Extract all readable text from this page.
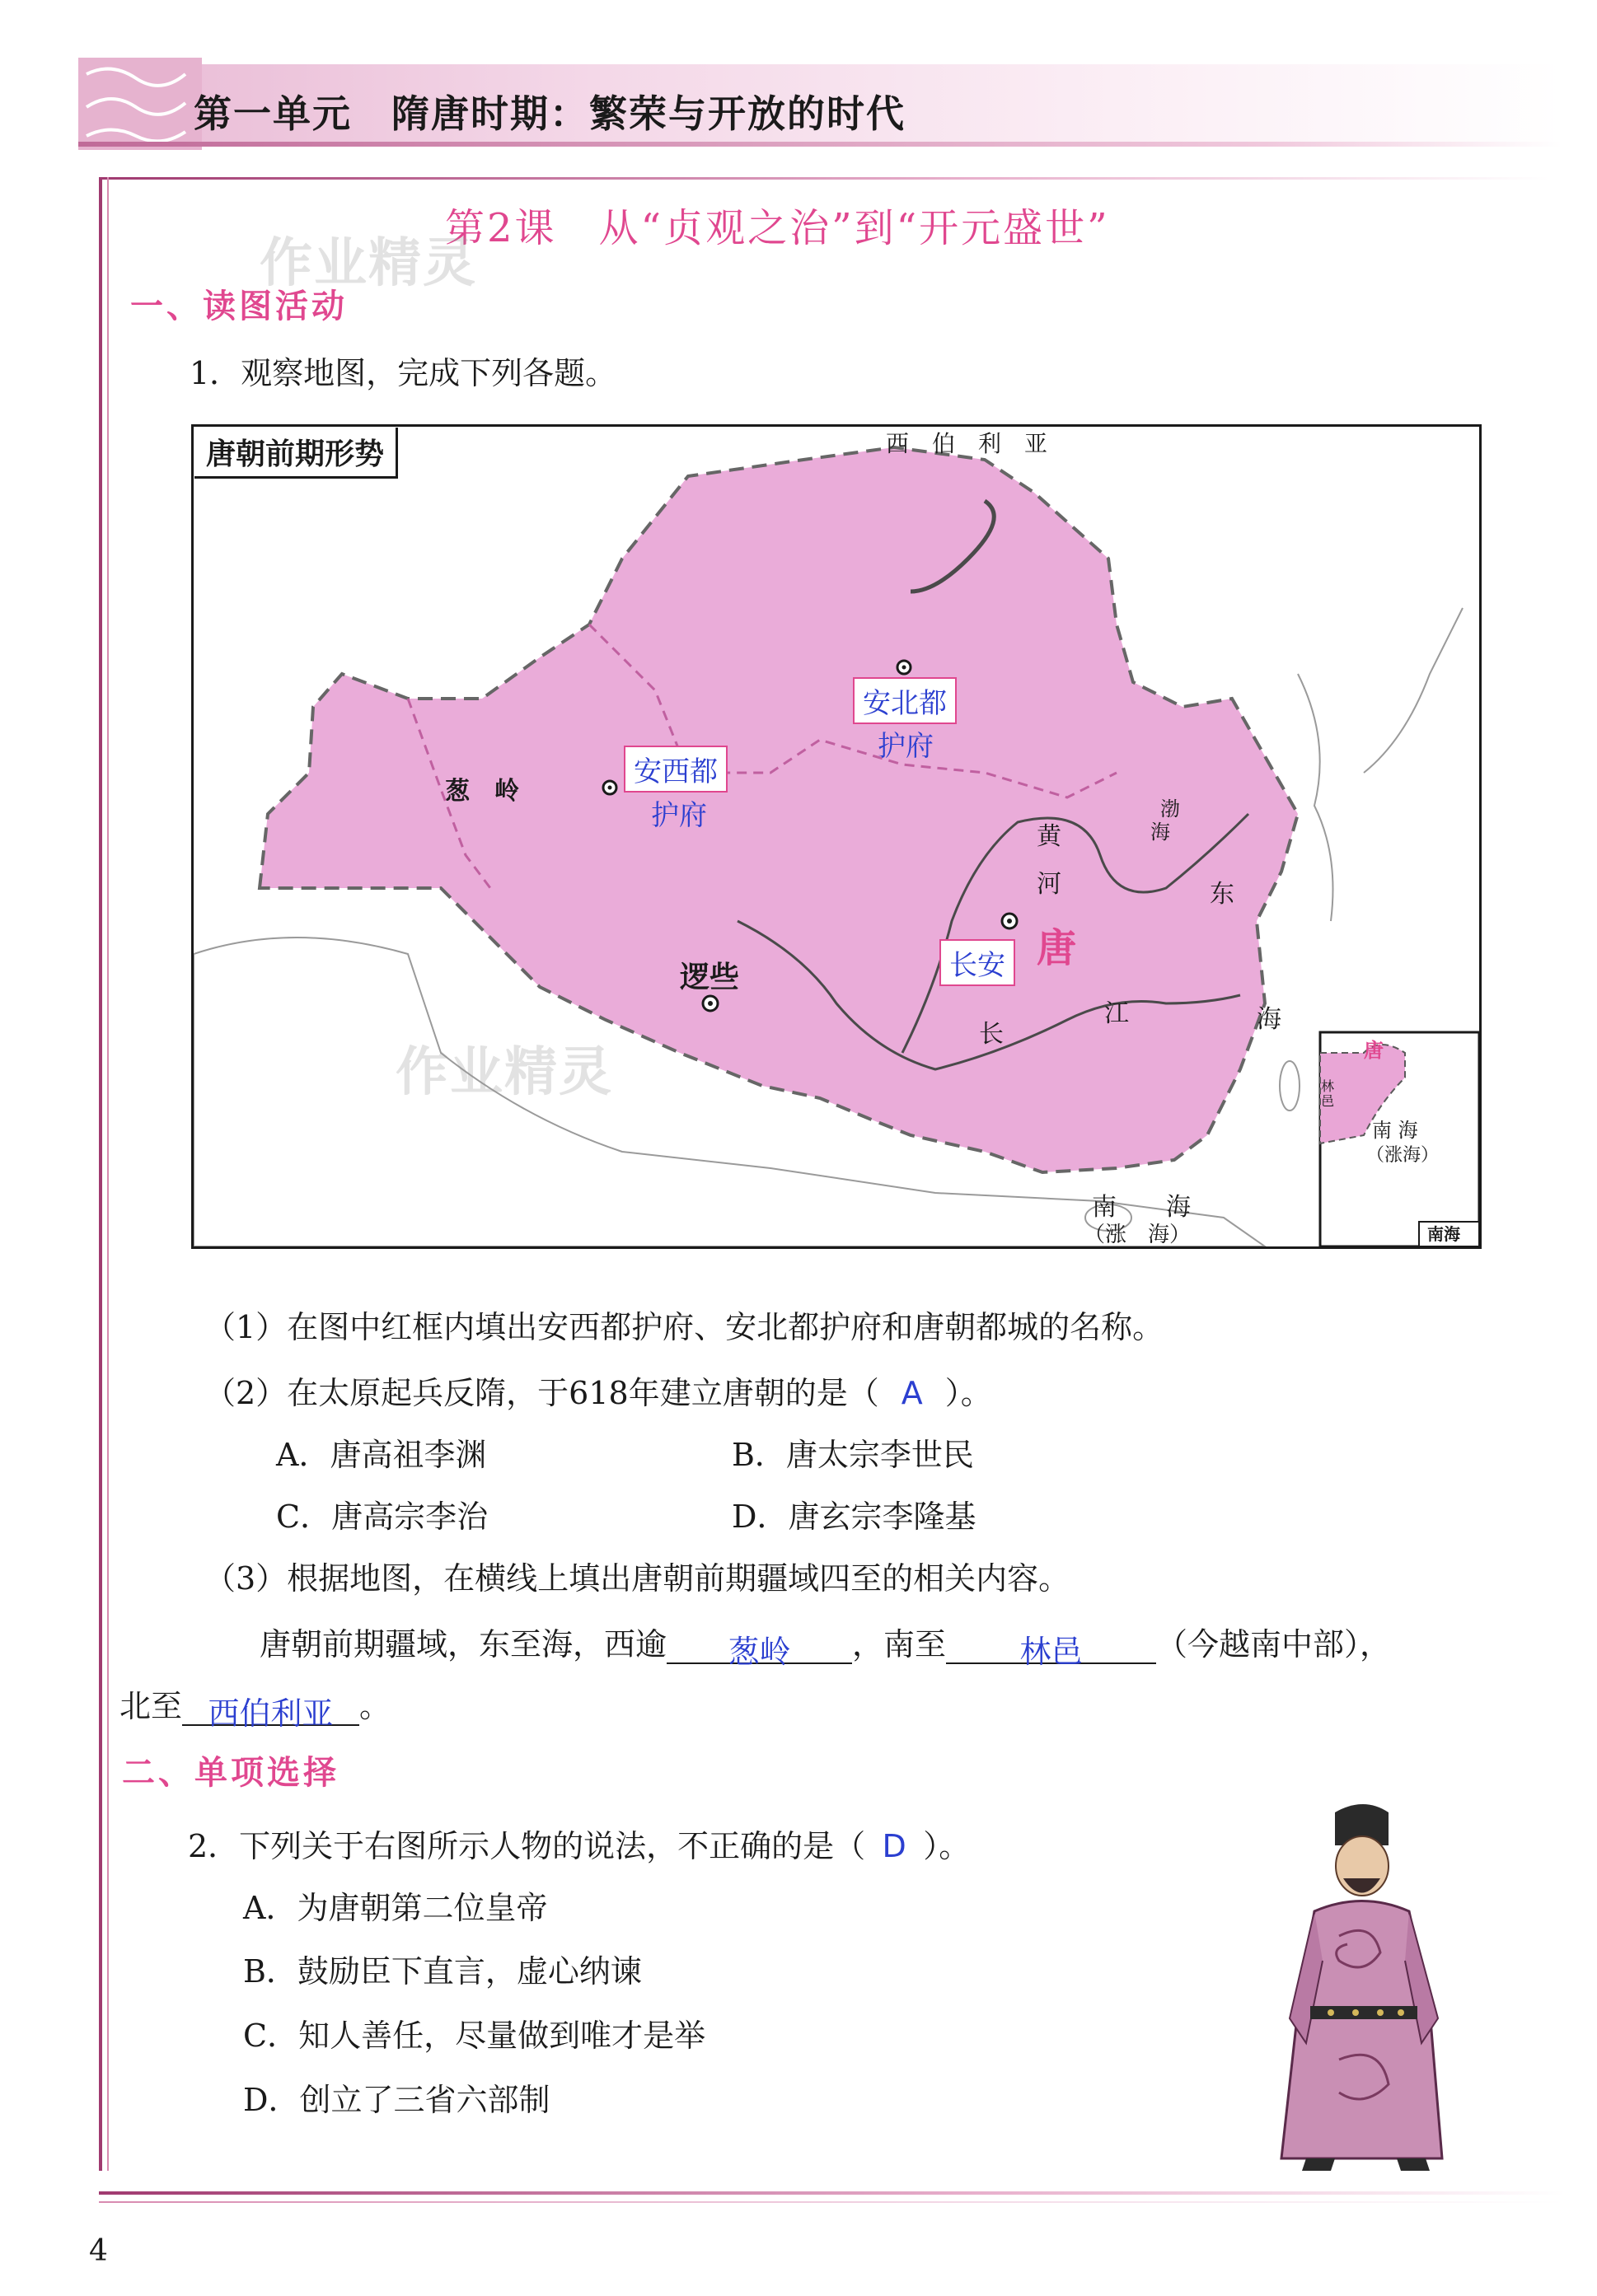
第一单元　隋唐时期：繁荣与开放的时代
第2课　从“贞观之治”到“开元盛世”
作业精灵
一、读图活动
1．观察地图，完成下列各题。
唐朝前期形势	西　伯　利　亚
安北都
护府
安西都
护府
葱　岭
逻些	长安 唐
黄
河
渤
海
东
海
长
江
南　　海
（涨　海）
南 海
（涨海）
南海
唐
林邑
作业精灵
（1）在图中红框内填出安西都护府、安北都护府和唐朝都城的名称。
（2）在太原起兵反隋，于618年建立唐朝的是（ A ）。
A．唐高祖李渊	B．唐太宗李世民
C．唐高宗李治	D．唐玄宗李隆基
（3）根据地图，在横线上填出唐朝前期疆域四至的相关内容。
唐朝前期疆域，东至海，西逾 葱岭 ，南至 林邑 （今越南中部），
北至 西伯利亚 。
二、单项选择
2．下列关于右图所示人物的说法，不正确的是（ D ）。
A．为唐朝第二位皇帝
B．鼓励臣下直言，虚心纳谏
C．知人善任，尽量做到唯才是举
D．创立了三省六部制
4
